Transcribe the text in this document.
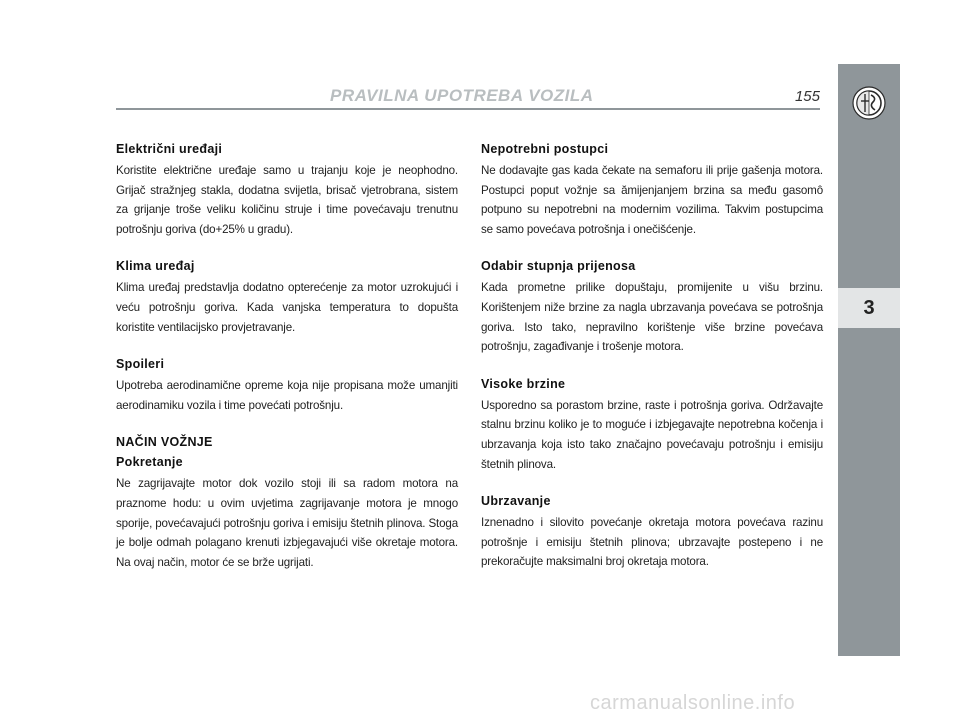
PRAVILNA UPOTREBA VOZILA	155
3

Električni uređaji

Koristite električne uređaje samo u trajanju koje je neophodno. Grijač stražnjeg stakla, dodatna svijetla, brisač vjetrobrana, sistem za grijanje troše veliku količinu struje i time povećavaju trenutnu potrošnju goriva (do+25% u gradu).

Klima uređaj

Klima uređaj predstavlja dodatno opterećenje za motor uzrokujući i veću potrošnju goriva. Kada vanjska temperatura to dopušta koristite ventilacijsko provjetravanje.

Spoileri

Upotreba aerodinamične opreme koja nije propisana može umanjiti aerodinamiku vozila i time povećati potrošnju.

NAČIN VOŽNJE

Pokretanje

Ne zagrijavajte motor dok vozilo stoji ili sa radom motora na praznome hodu: u ovim uvjetima zagrijavanje motora je mnogo sporije, povećavajući potrošnju goriva i emisiju štetnih plinova. Stoga je bolje odmah polagano krenuti izbjegavajući više okretaje motora. Na ovaj način, motor će se brže ugrijati.

Nepotrebni postupci

Ne dodavajte gas kada čekate na semaforu ili prije gašenja motora. Postupci poput vožnje sa ămijenjanjem brzina sa među gasomô potpuno su nepotrebni na modernim vozilima. Takvim postupcima se samo povećava potrošnja i onečišćenje.

Odabir stupnja prijenosa

Kada prometne prilike dopuštaju, promijenite u višu brzinu. Korištenjem niže brzine za nagla ubrzavanja povećava se potrošnja goriva. Isto tako, nepravilno korištenje više brzine povećava potrošnju, zagađivanje i trošenje motora.

Visoke brzine

Usporedno sa porastom brzine, raste i potrošnja goriva. Održavajte stalnu brzinu koliko je to moguće i izbjegavajte nepotrebna kočenja i ubrzavanja koja isto tako značajno povećavaju potrošnju i emisiju štetnih plinova.

Ubrzavanje

Iznenadno i silovito povećanje okretaja motora povećava razinu potrošnje i emisiju štetnih plinova; ubrzavajte postepeno i ne prekoračujte maksimalni broj okretaja motora.

carmanualsonline.info
